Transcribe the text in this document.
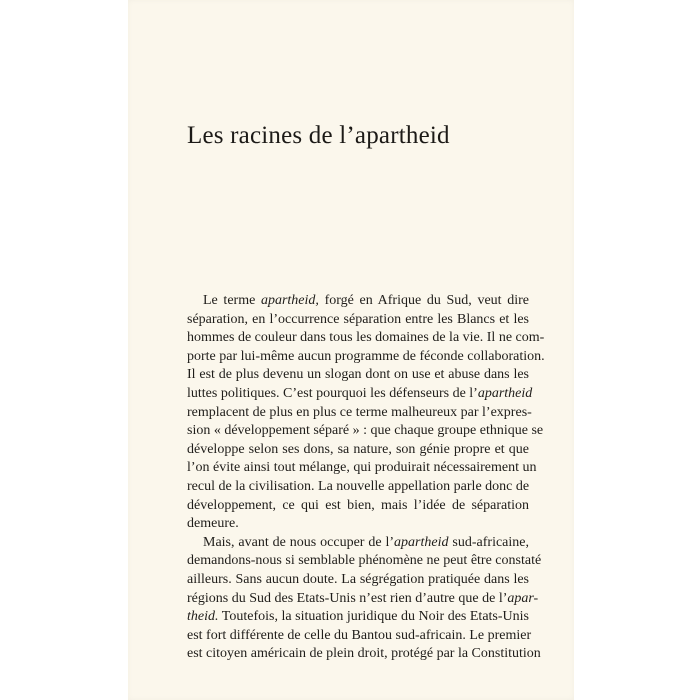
Les racines de l’apartheid
Le terme apartheid, forgé en Afrique du Sud, veut dire
séparation, en l’occurrence séparation entre les Blancs et les
hommes de couleur dans tous les domaines de la vie. Il ne com-
porte par lui-même aucun programme de féconde collaboration.
Il est de plus devenu un slogan dont on use et abuse dans les
luttes politiques. C’est pourquoi les défenseurs de l’apartheid
remplacent de plus en plus ce terme malheureux par l’expres-
sion « développement séparé » : que chaque groupe ethnique se
développe selon ses dons, sa nature, son génie propre et que
l’on évite ainsi tout mélange, qui produirait nécessairement un
recul de la civilisation. La nouvelle appellation parle donc de
développement, ce qui est bien, mais l’idée de séparation
demeure.
Mais, avant de nous occuper de l’apartheid sud-africaine,
demandons-nous si semblable phénomène ne peut être constaté
ailleurs. Sans aucun doute. La ségrégation pratiquée dans les
régions du Sud des Etats-Unis n’est rien d’autre que de l’apar-
theid. Toutefois, la situation juridique du Noir des Etats-Unis
est fort différente de celle du Bantou sud-africain. Le premier
est citoyen américain de plein droit, protégé par la Constitution
